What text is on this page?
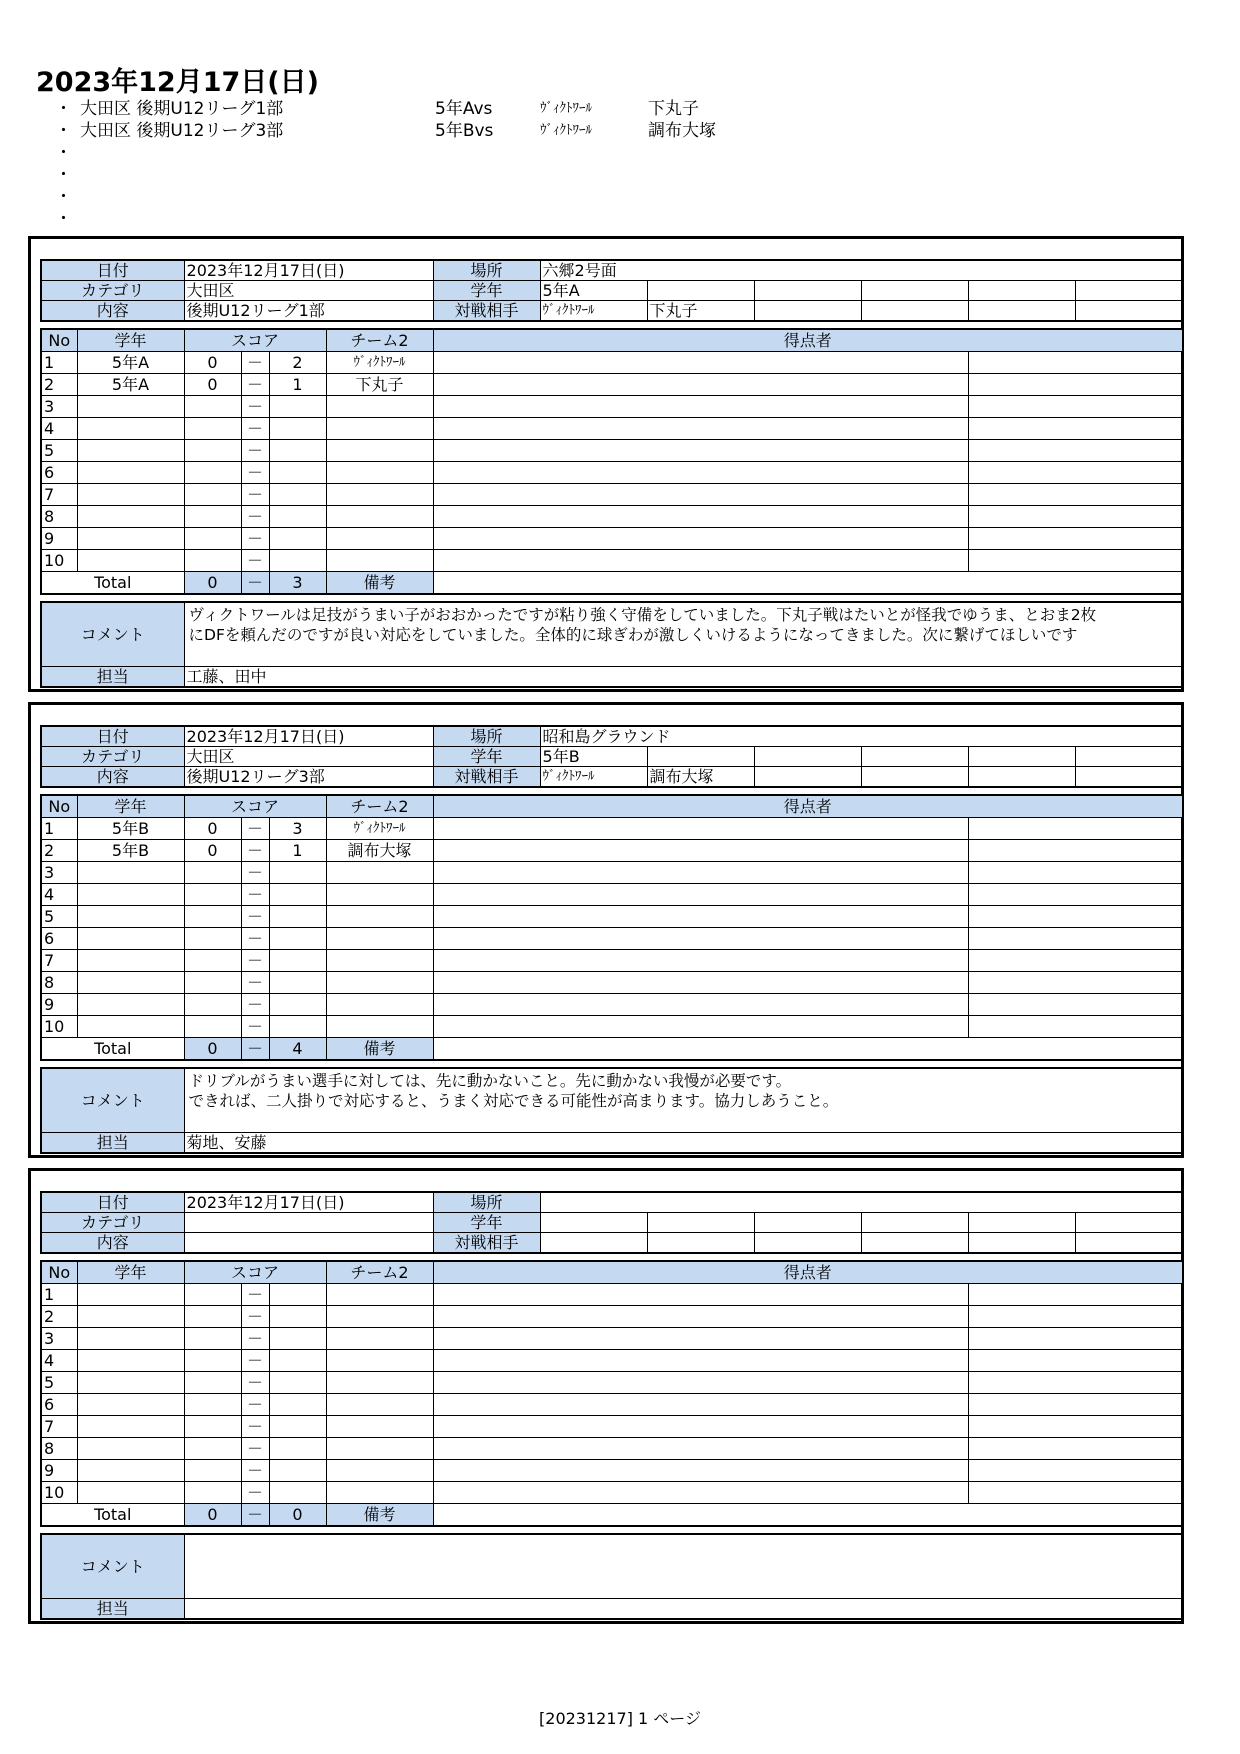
2023年12月17日(日)
・ 大田区 後期U12リーグ1部	5年Avs	ｳﾞｨｸﾄﾜｰﾙ	下丸子
・ 大田区 後期U12リーグ3部	5年Bvs	ｳﾞｨｸﾄﾜｰﾙ	調布大塚
・
・
・
・
日付	2023年12月17日(日)	場所	六郷2号面					
カテゴリ	大田区	学年	5年A					
内容	後期U12リーグ1部	対戦相手	ｳﾞｨｸﾄﾜｰﾙ	下丸子				
No	学年	スコア			チーム2	得点者	
1	5年A	0	－	2	ｳﾞｨｸﾄﾜｰﾙ		
2	5年A	0	－	1	下丸子		
3			－				
4			－				
5			－				
6			－				
7			－				
8			－				
9			－				
10			－				
Total		0	－	3	備考		
コメント	ヴィクトワールは足技がうまい子がおおかったですが粘り強く守備をしていました。下丸子戦はたいとが怪我でゆうま、とおま2枚
にDFを頼んだのですが良い対応をしていました。全体的に球ぎわが激しくいけるようになってきました。次に繋げてほしいです

担当	工藤、田中
日付	2023年12月17日(日)	場所	昭和島グラウンド					
カテゴリ	大田区	学年	5年B					
内容	後期U12リーグ3部	対戦相手	ｳﾞｨｸﾄﾜｰﾙ	調布大塚				
No	学年	スコア			チーム2	得点者	
1	5年B	0	－	3	ｳﾞｨｸﾄﾜｰﾙ		
2	5年B	0	－	1	調布大塚		
3			－				
4			－				
5			－				
6			－				
7			－				
8			－				
9			－				
10			－				
Total		0	－	4	備考		
コメント	ドリブルがうまい選手に対しては、先に動かないこと。先に動かない我慢が必要です。
できれば、二人掛りで対応すると、うまく対応できる可能性が高まります。協力しあうこと。

担当	菊地、安藤
日付	2023年12月17日(日)	場所						
カテゴリ		学年						
内容		対戦相手						
No	学年	スコア			チーム2	得点者	
1			－				
2			－				
3			－				
4			－				
5			－				
6			－				
7			－				
8			－				
9			－				
10			－				
Total		0	－	0	備考		
コメント	
担当	
[20231217] 1 ページ
